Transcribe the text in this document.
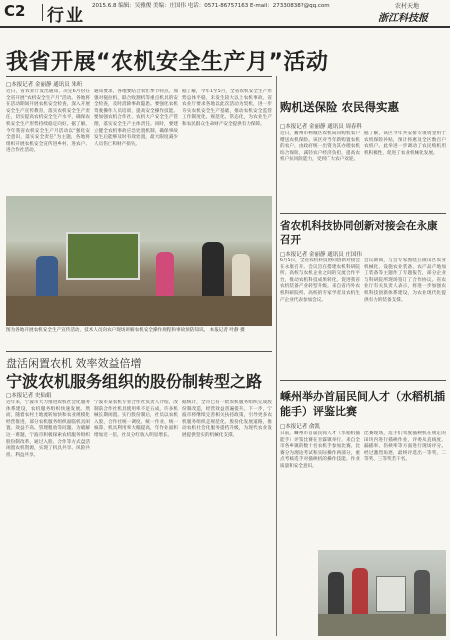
C2 行业 2015.6.8 编辑：吴雅俊 美编：庄国伟 电话：0571-86757163 E-mail：27330838?@qq.com	农村天地
浙江科技报
我省开展“农机安全生产月”活动
□本报记者 金丽静 通讯员 朱昕
近日，省农业厅发出通知，决定6月份在全省开展“农机安全生产月”活动。各地将在活动期间开展农机安全检查，深入开展安全生产宣传教育，落实农机安全生产责任，切实提高农机安全生产水平，确保农机安全生产形势持续稳定向好。据了解，今年我省农机安全生产月活动以“强化安全意识，落实安全责任”为主题，各地将组织开展农机安全宣传进乡村、进农户、进合作社活动。
通知要求，各地要结合农忙季节特点，加强对拖拉机、联合收割机等重点机具的安全检查，及时消除事故隐患。要强化农机驾驶操作人员培训，提高安全操作技能。要加强农机合作社、农机大户安全生产管理，落实安全生产主体责任。同时，要建立健全农机事故应急处置机制，确保事故发生后能够及时有效处置，最大限度减少人员伤亡和财产损失。
据了解，今年1至5月，全省农机安全生产形势总体平稳，未发生较大以上农机事故。省农业厅要求各地以此次活动为契机，进一步夯实农机安全生产基础，推动农机安全监管工作制度化、规范化、常态化，为农业生产和农民群众生命财产安全提供有力保障。
图为各地开展农机安全生产宣传活动，技术人员向农户现场讲解农机安全操作规程和事故预防知识。 本报记者 叶静 摄
盘活闲置农机 效率效益倍增
宁波农机服务组织的股份制转型之路
□本报记者 史仙娟
近年来，宁波市大力推进农机社会化服务体系建设，农机服务组织快速发展。然而，随着农村土地流转加快和农业规模化经营推进，部分农机服务组织面临机具闲置、效益不高、管理粗放等问题。为破解这一难题，宁波市积极探索农机服务组织股份制改革，通过入股、合作等方式盘活闲置农机资源，实现了机具共享、风险共担、利益共享。
宁波市某农机专业合作社负责人介绍，改制前合作社机具使用率不足五成，许多机械长期闲置。实行股份制后，社员以农机入股，合作社统一调度、统一作业、统一核算，机具利用率大幅提高，年作业面积增加近一倍，社员分红收入明显增长。
据统计，全市已有一批农机服务组织完成股份制改造，经营效益普遍提升。下一步，宁波市将继续完善相关扶持政策，引导更多农机服务组织走规范化、股份化发展道路，推动农机社会化服务提档升级，为现代农业发展提供坚实的机械化支撑。
购机送保险 农民得实惠
□本报记者 金丽静 通讯员 周春科
近日，衢州市柯城区农机局向购机农户赠送农机保险。该区对当年新购置农机的农户，由政府统一出资为其办理农机综合保险，减轻农户经济负担，提高农机户抗风险能力，受到广大农户欢迎。
据了解，该区今年共安排专项资金用于农机保险补贴，预计将惠及全区数百户农机户。此举进一步调动了农民购机用机积极性，促进了农业机械化发展。
省农机科技协同创新对接会在永康召开
□本报记者 金丽静 通讯员 庄国伟
6月5日，全省农机科技协同创新对接会在永康召开。会议旨在搭建农机科研院所、高校与农机企业之间的交流合作平台，推动农机科技成果转化，促进我省农机装备产业转型升级。来自省内外农机科研院所、高校的专家学者及农机生产企业代表参加会议。
会议期间，与会专家围绕丘陵山区农业机械化、设施农业装备、农产品产地加工装备等主题作了专题报告，部分企业与科研院所现场签订了合作协议。省农业厅有关负责人表示，将进一步加强农机科技创新体系建设，为农业现代化提供有力的装备支撑。
嵊州举办首届民间人才（水稻机插能手）评鉴比赛
□本报记者 俞凯
日前，嵊州市首届民间人才（水稻机插能手）评鉴比赛在甘霖镇举行，来自全市各乡镇的数十名农机手参加比赛。比赛分为理论考试和实际操作两部分，重点考核选手对插秧机的操作技能、作业质量和安全意识。
比赛现场，选手们驾驶插秧机在规定的田块内进行插秧作业，评委从直线度、漏插率、伤秧率等方面进行现场评分。经过激烈角逐，最终评选出一等奖、二等奖、三等奖若干名。
